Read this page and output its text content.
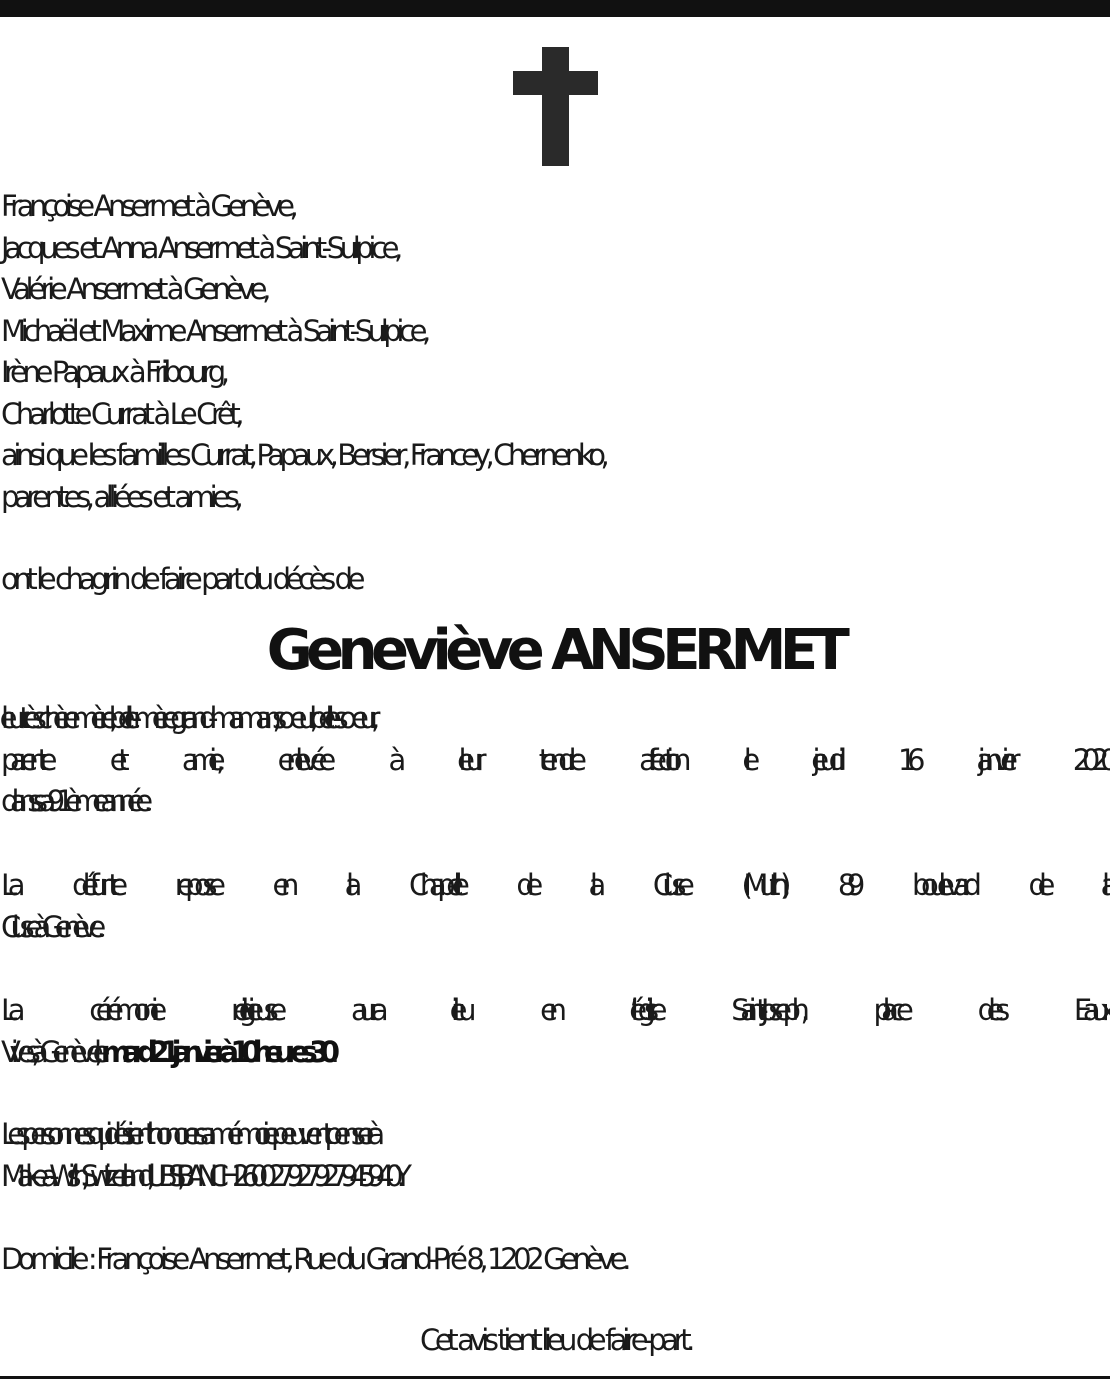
Françoise Ansermet à Genève,
Jacques et Anna Ansermet à Saint-Sulpice,
Valérie Ansermet à Genève,
Michaël et Maxime Ansermet à Saint-Sulpice,
Irène Papaux à Fribourg,
Charlotte Currat à Le Crêt,
ainsi que les familles Currat, Papaux, Bersier, Francey, Chernenko,
parentes, alliées et amies,

ont le chagrin de faire part du décès de

Geneviève ANSERMET
leur très chère mère, belle-mère, grand-maman, sœur, belle-sœur,
parente et amie, enlevée à leur tendre affection le jeudi 16 janvier 2020
dans sa 91ème année.
La défunte repose en la Chapelle de la Cluse (Murith), 89 boulevard de la
Cluse à Genève.
La cérémonie religieuse aura lieu en l’église Saint-Joseph, place des Eaux-
Vives, à Genève, le mardi 21 janvier à 10 heures 30
Les personnes qui désirent honorer sa mémoire peuvent penser à
Make-a-Wish, Switzerland, UBS, IBAN CH26 0027 9279 2794 5940Y.

Domicile : Françoise Ansermet, Rue du Grand-Pré 8, 1202 Genève.

Cet avis tient lieu de faire-part.
